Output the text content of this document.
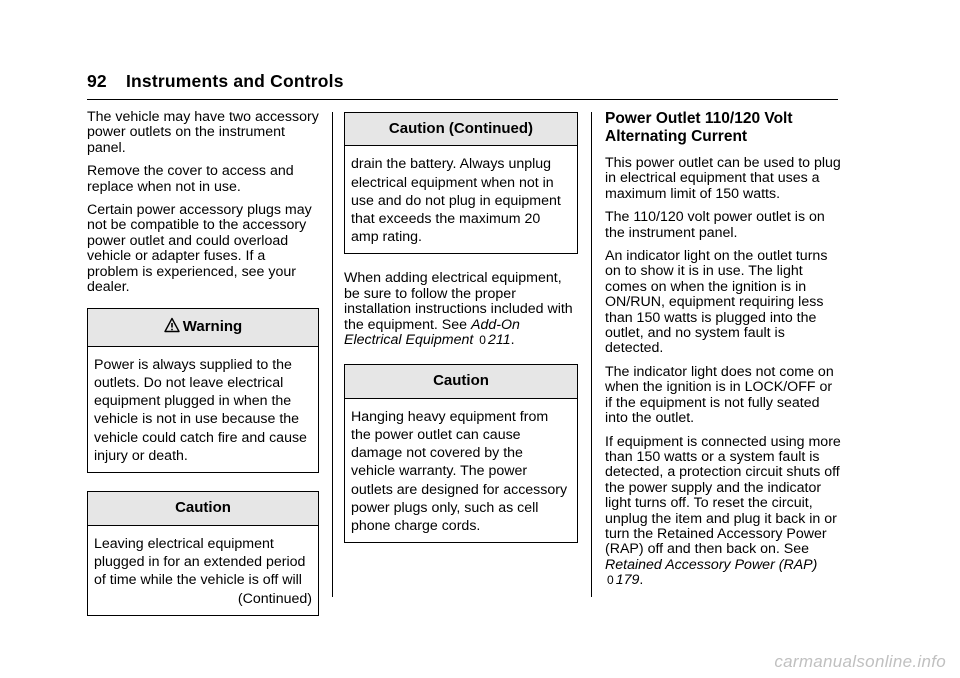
92 Instruments and Controls

The vehicle may have two accessory power outlets on the instrument panel.

Remove the cover to access and replace when not in use.

Certain power accessory plugs may not be compatible to the accessory power outlet and could overload vehicle or adapter fuses. If a problem is experienced, see your dealer.

Warning
Power is always supplied to the outlets. Do not leave electrical equipment plugged in when the vehicle is not in use because the vehicle could catch fire and cause injury or death.
Caution
Leaving electrical equipment plugged in for an extended period of time while the vehicle is off will
(Continued)
Caution (Continued)
drain the battery. Always unplug electrical equipment when not in use and do not plug in equipment that exceeds the maximum 20 amp rating.

When adding electrical equipment, be sure to follow the proper installation instructions included with the equipment. See Add-On Electrical Equipment 0 211.

Caution
Hanging heavy equipment from the power outlet can cause damage not covered by the vehicle warranty. The power outlets are designed for accessory power plugs only, such as cell phone charge cords.
Power Outlet 110/120 Volt Alternating Current

This power outlet can be used to plug in electrical equipment that uses a maximum limit of 150 watts.

The 110/120 volt power outlet is on the instrument panel.

An indicator light on the outlet turns on to show it is in use. The light comes on when the ignition is in ON/RUN, equipment requiring less than 150 watts is plugged into the outlet, and no system fault is detected.

The indicator light does not come on when the ignition is in LOCK/OFF or if the equipment is not fully seated into the outlet.

If equipment is connected using more than 150 watts or a system fault is detected, a protection circuit shuts off the power supply and the indicator light turns off. To reset the circuit, unplug the item and plug it back in or turn the Retained Accessory Power (RAP) off and then back on. See Retained Accessory Power (RAP) 0 179.

carmanualsonline.info
